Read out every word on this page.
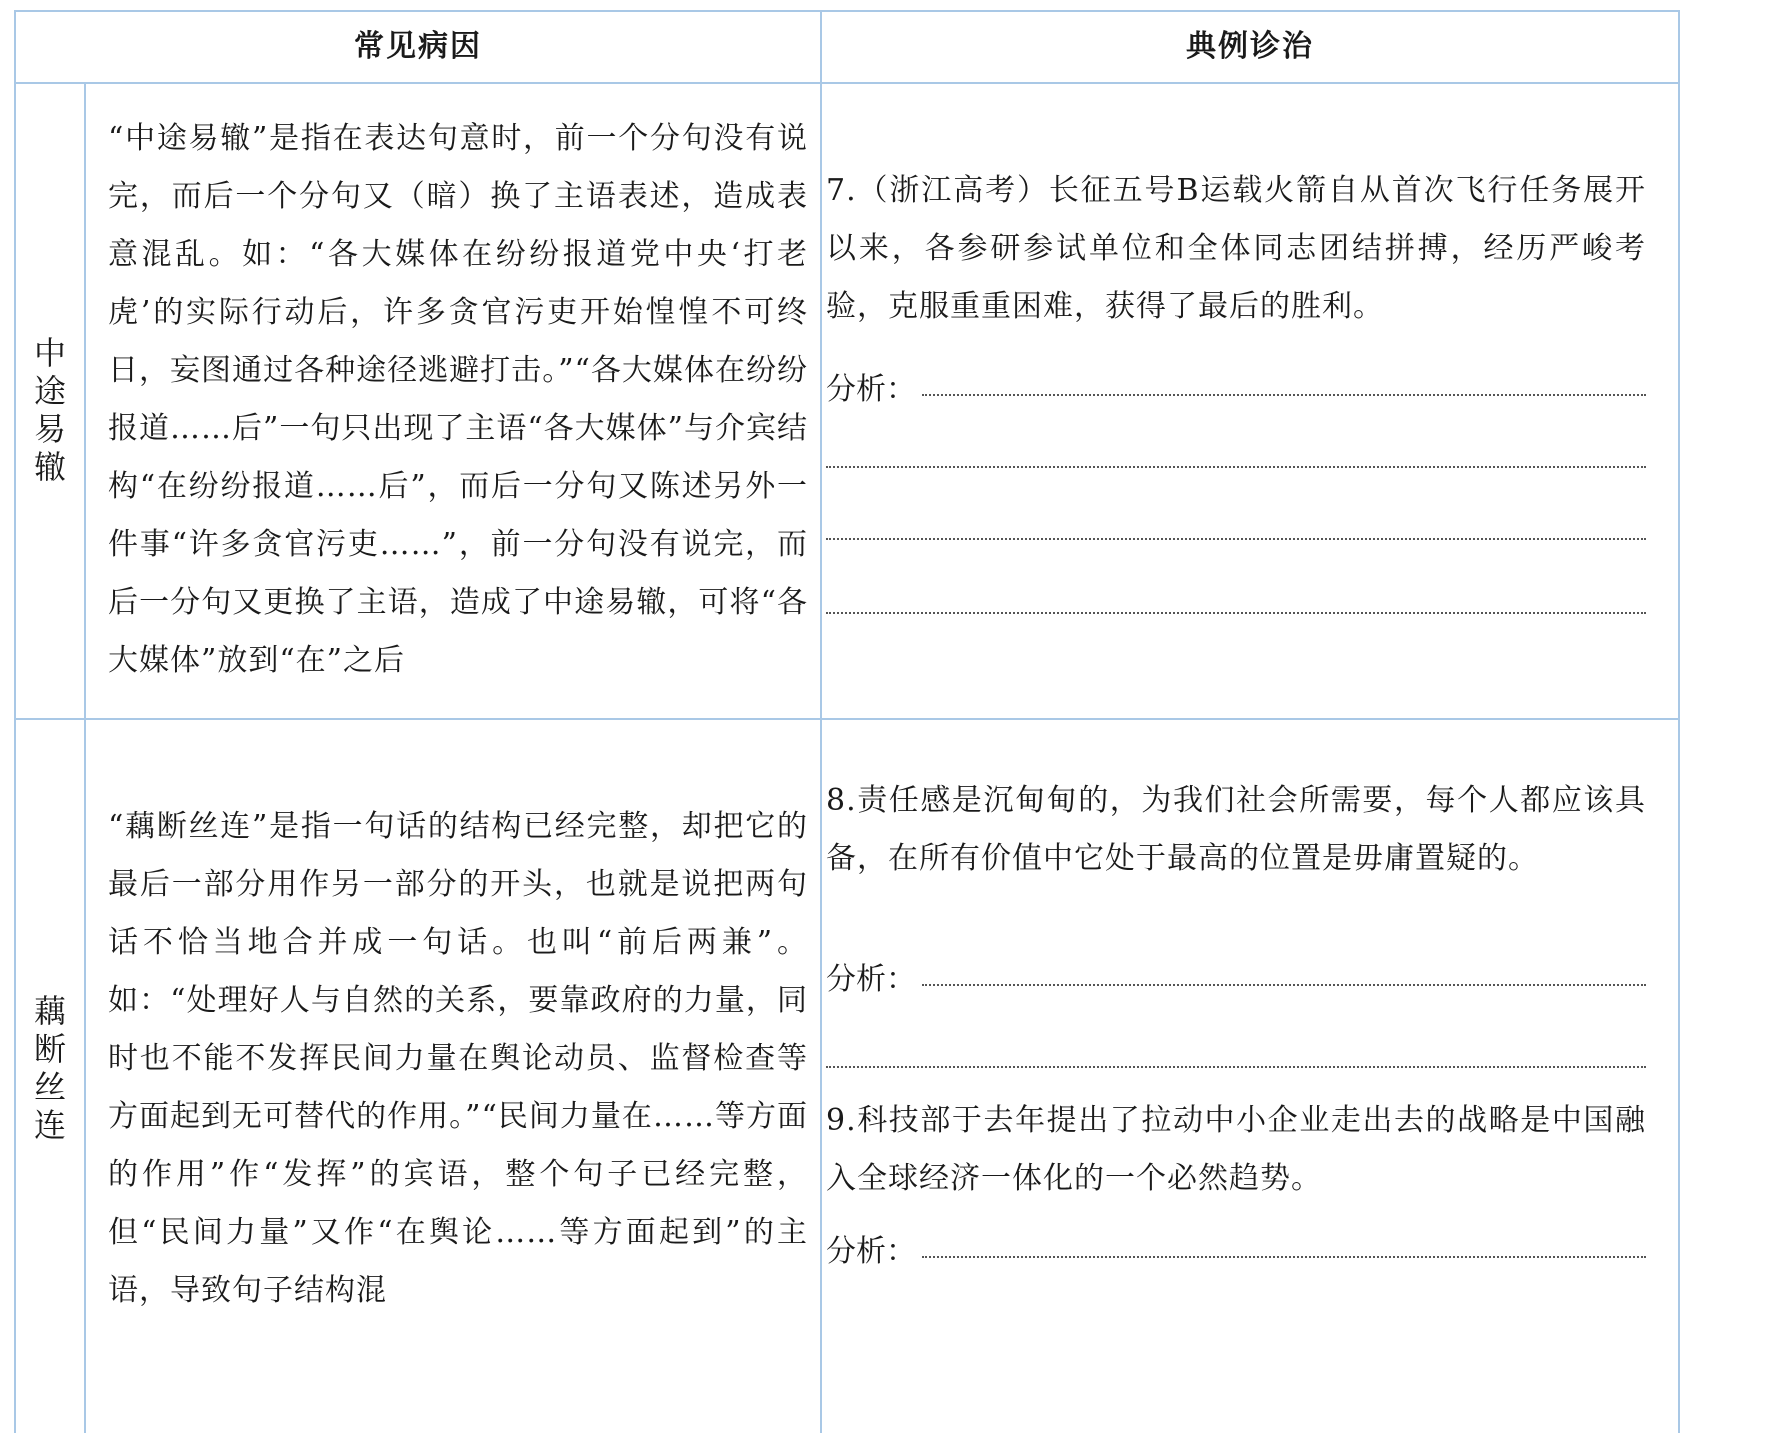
常见病因	典例诊治
中
途
易
辙
“中途易辙”是指在表达句意时，前一个分句没有说完，而后一个分句又（暗）换了主语表述，造成表意混乱。如：“各大媒体在纷纷报道党中央‘打老虎’的实际行动后，许多贪官污吏开始惶惶不可终日，妄图通过各种途径逃避打击。”“各大媒体在纷纷报道……后”一句只出现了主语“各大媒体”与介宾结构“在纷纷报道……后”，而后一分句又陈述另外一件事“许多贪官污吏……”，前一分句没有说完，而后一分句又更换了主语，造成了中途易辙，可将“各大媒体”放到“在”之后
藕
断
丝
连
“藕断丝连”是指一句话的结构已经完整，却把它的最后一部分用作另一部分的开头，也就是说把两句话不恰当地合并成一句话。也叫“前后两兼”。如：“处理好人与自然的关系，要靠政府的力量，同时也不能不发挥民间力量在舆论动员、监督检查等方面起到无可替代的作用。”“民间力量在……等方面的作用”作“发挥”的宾语，整个句子已经完整，但“民间力量”又作“在舆论……等方面起到”的主语，导致句子结构混
7.（浙江高考）长征五号B运载火箭自从首次飞行任务展开以来，各参研参试单位和全体同志团结拼搏，经历严峻考验，克服重重困难，获得了最后的胜利。
分析：
8.责任感是沉甸甸的，为我们社会所需要，每个人都应该具备，在所有价值中它处于最高的位置是毋庸置疑的。
分析：
9.科技部于去年提出了拉动中小企业走出去的战略是中国融入全球经济一体化的一个必然趋势。
分析：
